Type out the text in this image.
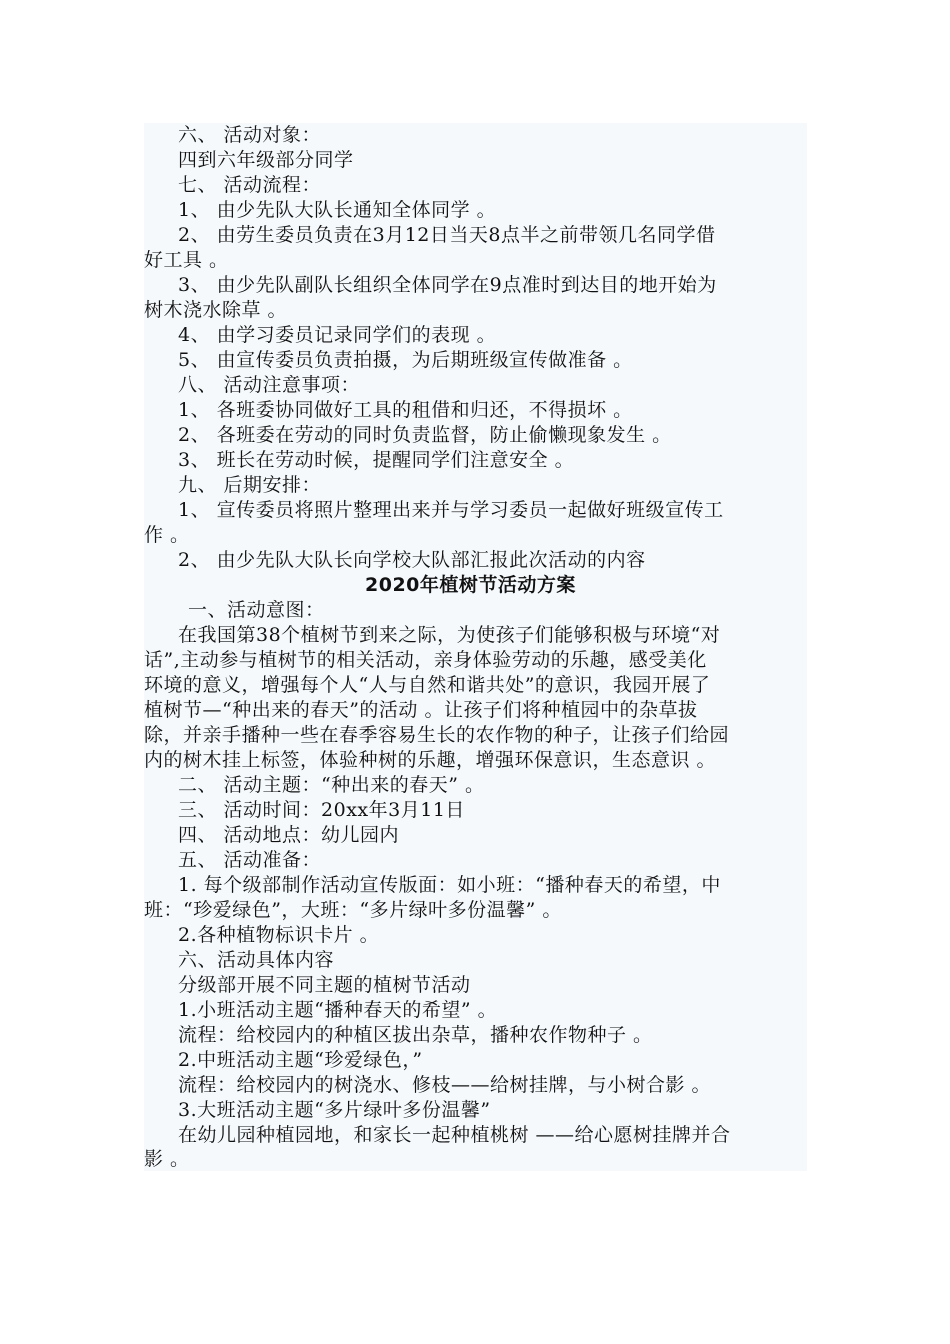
六、 活动对象：
四到六年级部分同学
七、 活动流程：
1、 由少先队大队长通知全体同学 。
2、 由劳生委员负责在3月12日当天8点半之前带领几名同学借
好工具 。
3、 由少先队副队长组织全体同学在9点准时到达目的地开始为
树木浇水除草 。
4、 由学习委员记录同学们的表现 。
5、 由宣传委员负责拍摄，为后期班级宣传做准备 。
八、 活动注意事项：
1、 各班委协同做好工具的租借和归还，不得损坏 。
2、 各班委在劳动的同时负责监督，防止偷懒现象发生 。
3、 班长在劳动时候，提醒同学们注意安全 。
九、 后期安排：
1、 宣传委员将照片整理出来并与学习委员一起做好班级宣传工
作 。
2、 由少先队大队长向学校大队部汇报此次活动的内容
2020年植树节活动方案
一、活动意图：
在我国第38个植树节到来之际，为使孩子们能够积极与环境“对
话”,主动参与植树节的相关活动，亲身体验劳动的乐趣，感受美化
环境的意义，增强每个人“人与自然和谐共处”的意识，我园开展了
植树节—“种出来的春天”的活动 。让孩子们将种植园中的杂草拔
除，并亲手播种一些在春季容易生长的农作物的种子，让孩子们给园
内的树木挂上标签，体验种树的乐趣，增强环保意识，生态意识 。
二、 活动主题：“种出来的春天” 。
三、 活动时间：20xx年3月11日
四、 活动地点：幼儿园内
五、 活动准备：
1. 每个级部制作活动宣传版面：如小班：“播种春天的希望，中
班：“珍爱绿色”，大班：“多片绿叶多份温馨” 。
2.各种植物标识卡片 。
六、活动具体内容
分级部开展不同主题的植树节活动
1.小班活动主题“播种春天的希望” 。
流程：给校园内的种植区拔出杂草，播种农作物种子 。
2.中班活动主题“珍爱绿色，”
流程：给校园内的树浇水、修枝——给树挂牌，与小树合影 。
3.大班活动主题“多片绿叶多份温馨”
在幼儿园种植园地，和家长一起种植桃树 ——给心愿树挂牌并合
影 。
